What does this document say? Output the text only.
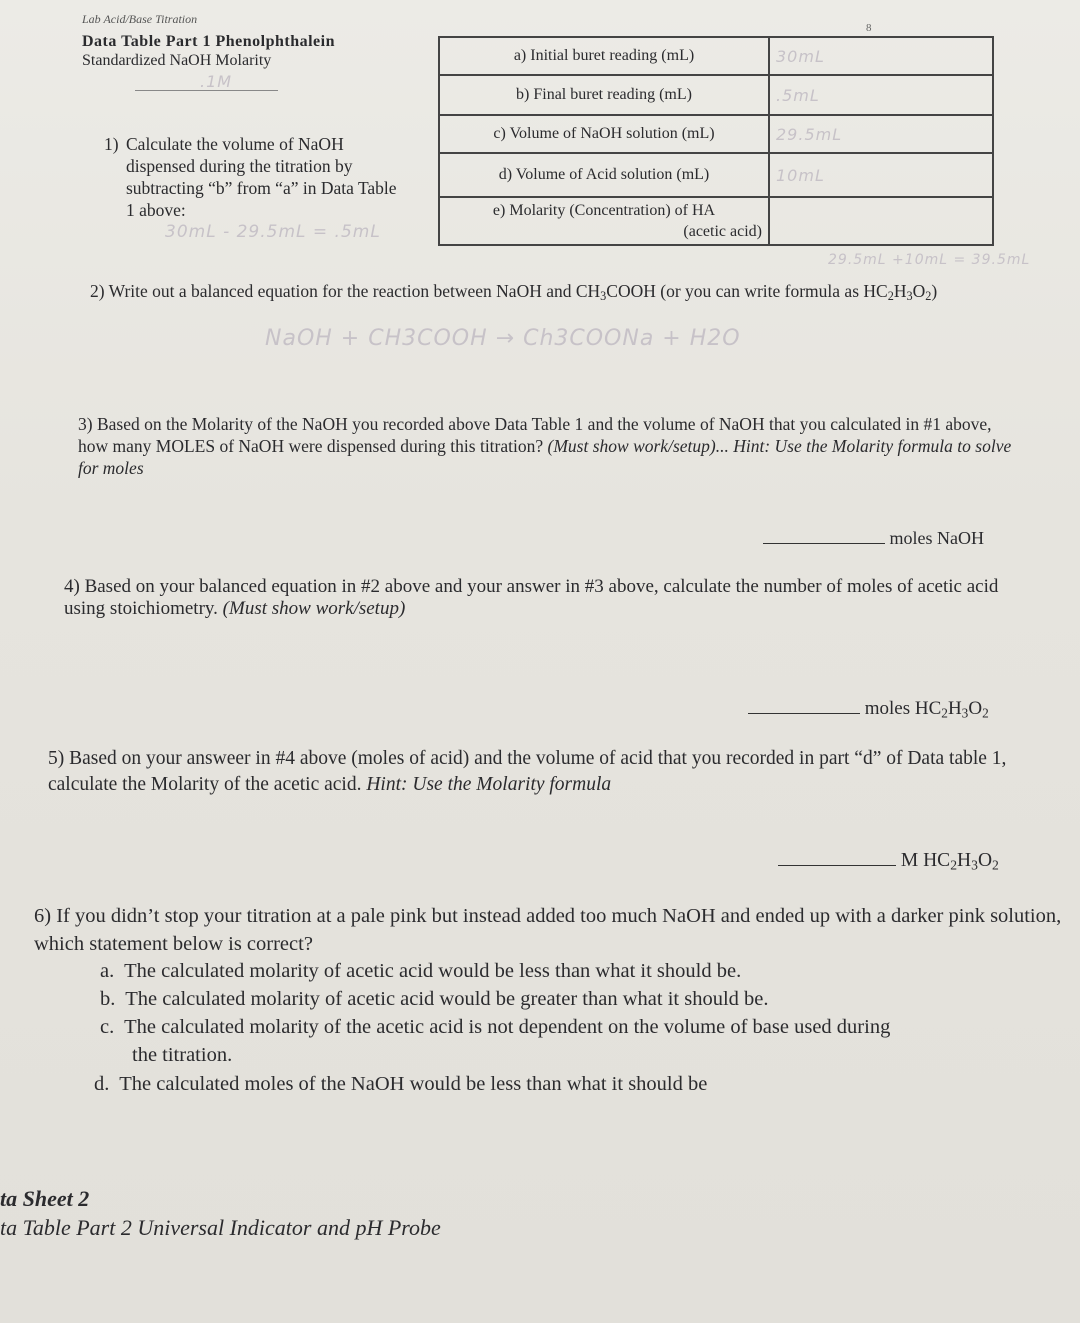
Lab Acid/Base Titration
Data Table Part 1 Phenolphthalein
Standardized NaOH Molarity
.1M
8
a) Initial buret reading (mL)	30mL
b) Final buret reading (mL)	.5mL
c) Volume of NaOH solution (mL)	29.5mL
d) Volume of Acid solution (mL)	10mL

e) Molarity (Concentration) of HA
(acetic acid)	

29.5mL +10mL = 39.5mL
1) Calculate the volume of NaOH dispensed during the titration by subtracting “b” from “a” in Data Table 1 above:
30mL - 29.5mL = .5mL
2) Write out a balanced equation for the reaction between NaOH and $CH_3COOH$ (or you can write formula as $HC_2H_3O_2$)
NaOH + CH3COOH → Ch3COONa + H2O
3) Based on the Molarity of the NaOH you recorded above Data Table 1 and the volume of NaOH that you calculated in #1 above, how many MOLES of NaOH were dispensed during this titration? (Must show work/setup)... Hint: Use the Molarity formula to solve for moles
moles NaOH
4) Based on your balanced equation in #2 above and your answer in #3 above, calculate the number of moles of acetic acid using stoichiometry. (Must show work/setup)
moles $HC_2H_3O_2$
5) Based on your answeer in #4 above (moles of acid) and the volume of acid that you recorded in part “d” of Data table 1, calculate the Molarity of the acetic acid. Hint: Use the Molarity formula
M $HC_2H_3O_2$
6) If you didn’t stop your titration at a pale pink but instead added too much NaOH and ended up with a darker pink solution, which statement below is correct?
a. The calculated molarity of acetic acid would be less than what it should be.
b. The calculated molarity of acetic acid would be greater than what it should be.
c. The calculated molarity of the acetic acid is not dependent on the volume of base used during
the titration.
d. The calculated moles of the NaOH would be less than what it should be
ta Sheet 2
ta Table Part 2 Universal Indicator and pH Probe
